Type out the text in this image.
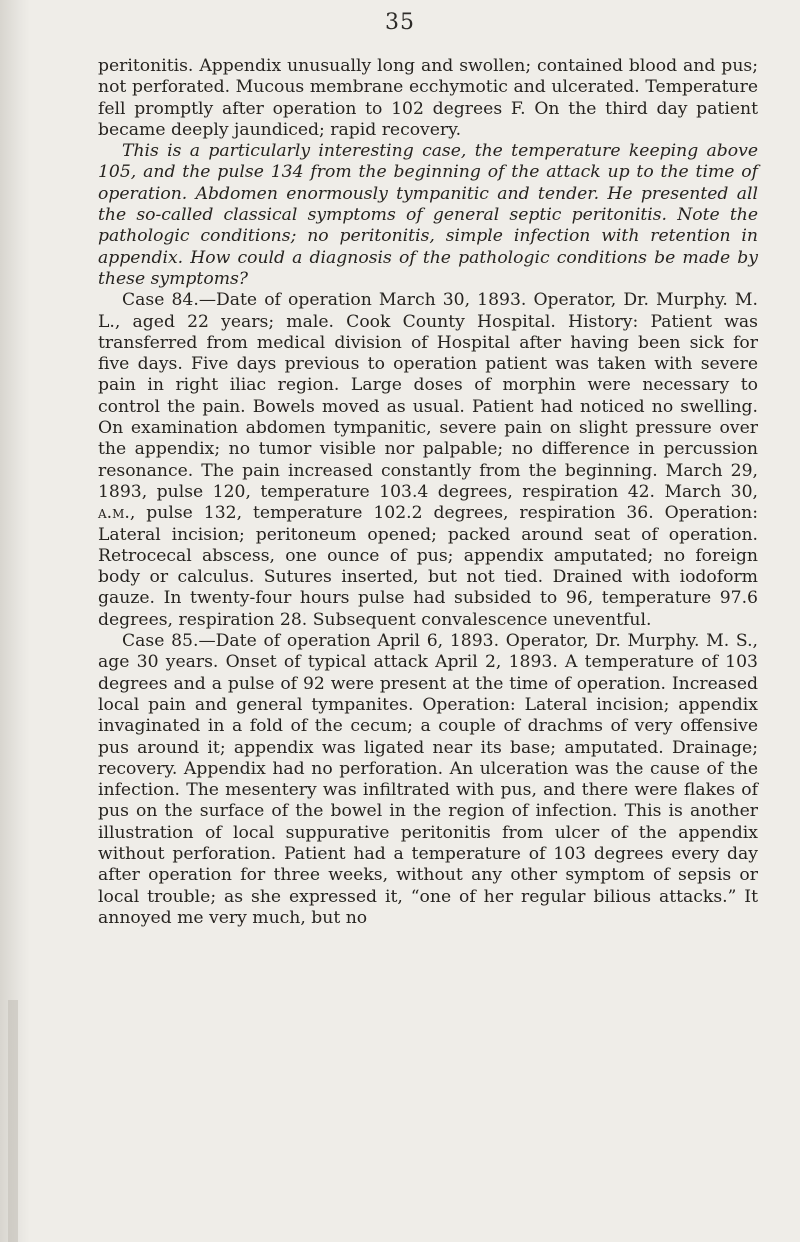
35

peritonitis. Appendix unusually long and swollen; contained blood and pus; not perforated. Mucous membrane ecchymotic and ulcerated. Temperature fell promptly after operation to 102 degrees F. On the third day patient became deeply jaundiced; rapid recovery.

This is a particularly interesting case, the temperature keeping above 105, and the pulse 134 from the beginning of the attack up to the time of operation. Abdomen enormously tympanitic and tender. He presented all the so-called classical symptoms of general septic peritonitis. Note the pathologic conditions; no peritonitis, simple infection with retention in appendix. How could a diagnosis of the pathologic conditions be made by these symptoms?

Case 84.—Date of operation March 30, 1893. Operator, Dr. Murphy. M. L., aged 22 years; male. Cook County Hospital. History: Patient was transferred from medical division of Hospital after having been sick for five days. Five days previous to operation patient was taken with severe pain in right iliac region. Large doses of morphin were necessary to control the pain. Bowels moved as usual. Patient had noticed no swelling. On examination abdomen tympanitic, severe pain on slight pressure over the appendix; no tumor visible nor palpable; no difference in percussion resonance. The pain increased constantly from the beginning. March 29, 1893, pulse 120, temperature 103.4 degrees, respiration 42. March 30, a.m., pulse 132, temperature 102.2 degrees, respiration 36. Operation: Lateral incision; peritoneum opened; packed around seat of operation. Retrocecal abscess, one ounce of pus; appendix amputated; no foreign body or calculus. Sutures inserted, but not tied. Drained with iodoform gauze. In twenty-four hours pulse had subsided to 96, temperature 97.6 degrees, respiration 28. Subsequent convalescence uneventful.

Case 85.—Date of operation April 6, 1893. Operator, Dr. Murphy. M. S., age 30 years. Onset of typical attack April 2, 1893. A temperature of 103 degrees and a pulse of 92 were present at the time of operation. Increased local pain and general tympanites. Operation: Lateral incision; appendix invaginated in a fold of the cecum; a couple of drachms of very offensive pus around it; appendix was ligated near its base; amputated. Drainage; recovery. Appendix had no perforation. An ulceration was the cause of the infection. The mesentery was infiltrated with pus, and there were flakes of pus on the surface of the bowel in the region of infection. This is another illustration of local suppurative peritonitis from ulcer of the appendix without perforation. Patient had a temperature of 103 degrees every day after operation for three weeks, without any other symptom of sepsis or local trouble; as she expressed it, “one of her regular bilious attacks.” It annoyed me very much, but no
